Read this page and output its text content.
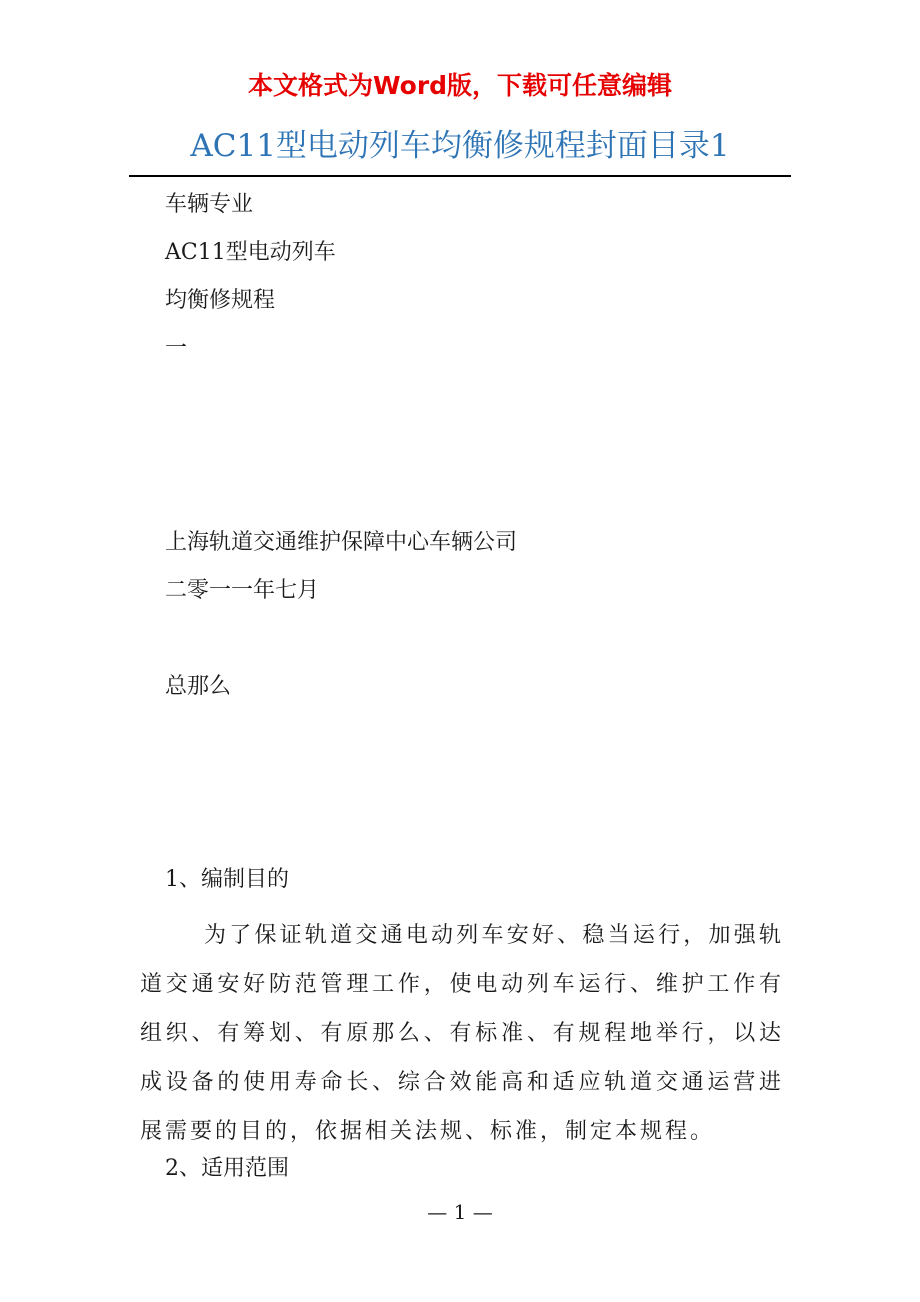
本文格式为Word版，下载可任意编辑
AC11型电动列车均衡修规程封面目录1
车辆专业
AC11型电动列车
均衡修规程
一
上海轨道交通维护保障中心车辆公司
二零一一年七月
总那么
1、编制目的

为了保证轨道交通电动列车安好、稳当运行，加强轨道交通安好防范管理工作，使电动列车运行、维护工作有组织、有筹划、有原那么、有标准、有规程地举行，以达成设备的使用寿命长、综合效能高和适应轨道交通运营进展需要的目的，依据相关法规、标准，制定本规程。

2、适用范围
— 1 —
